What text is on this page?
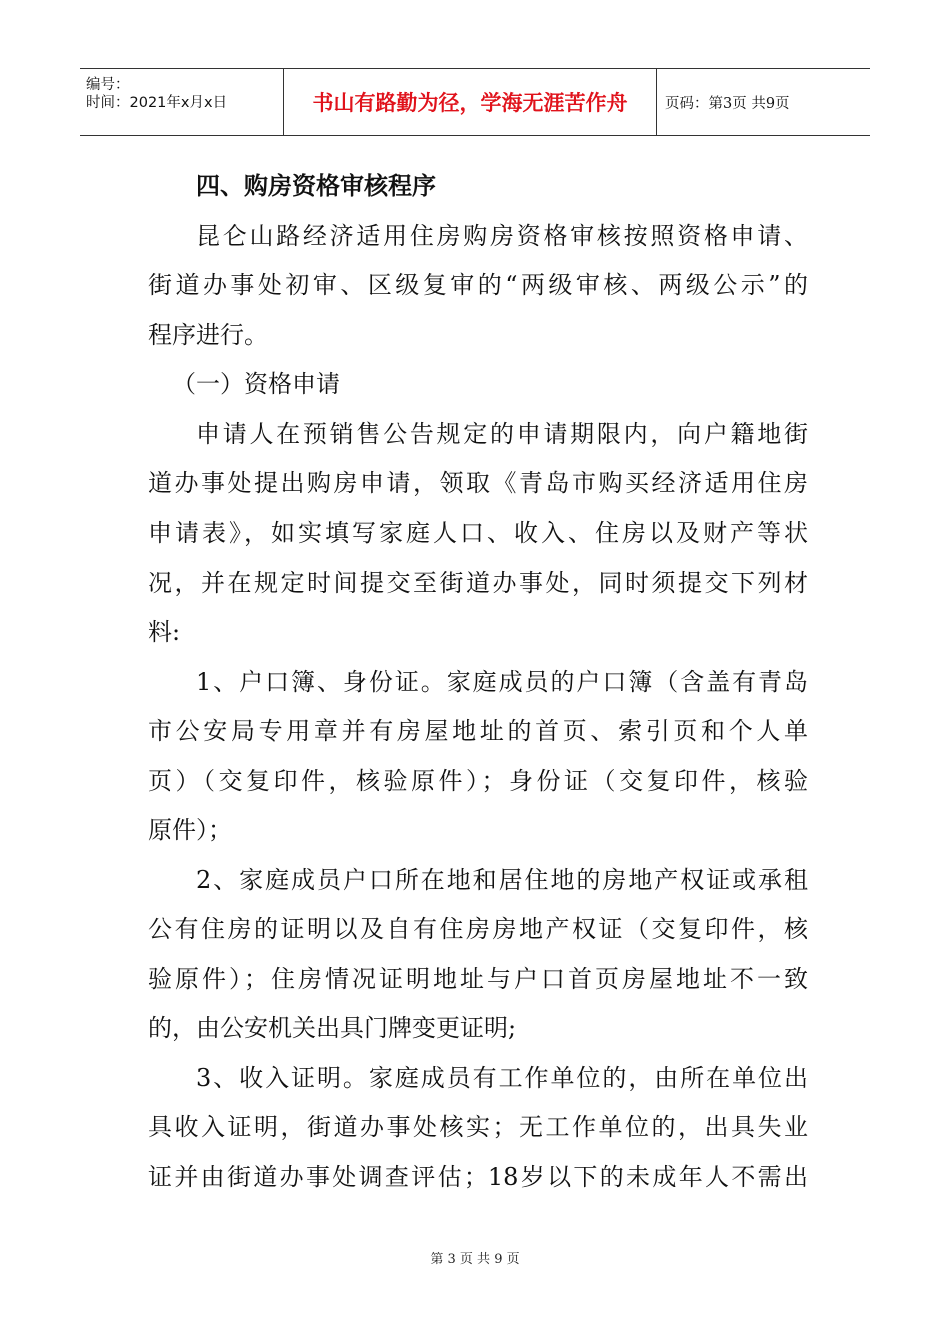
编号：
时间：2021年x月x日	书山有路勤为径，学海无涯苦作舟	页码：第3页 共9页
四、购房资格审核程序
昆仑山路经济适用住房购房资格审核按照资格申请、
街道办事处初审、区级复审的“两级审核、两级公示”的
程序进行。
（一）资格申请
申请人在预销售公告规定的申请期限内，向户籍地街
道办事处提出购房申请，领取《青岛市购买经济适用住房
申请表》，如实填写家庭人口、收入、住房以及财产等状
况，并在规定时间提交至街道办事处，同时须提交下列材
料:
1、户口簿、身份证。家庭成员的户口簿（含盖有青岛
市公安局专用章并有房屋地址的首页、索引页和个人单
页）（交复印件，核验原件）；身份证（交复印件，核验
原件）；
2、家庭成员户口所在地和居住地的房地产权证或承租
公有住房的证明以及自有住房房地产权证（交复印件，核
验原件）；住房情况证明地址与户口首页房屋地址不一致
的，由公安机关出具门牌变更证明;
3、收入证明。家庭成员有工作单位的，由所在单位出
具收入证明，街道办事处核实；无工作单位的，出具失业
证并由街道办事处调查评估；18岁以下的未成年人不需出
第 3 页 共 9 页
